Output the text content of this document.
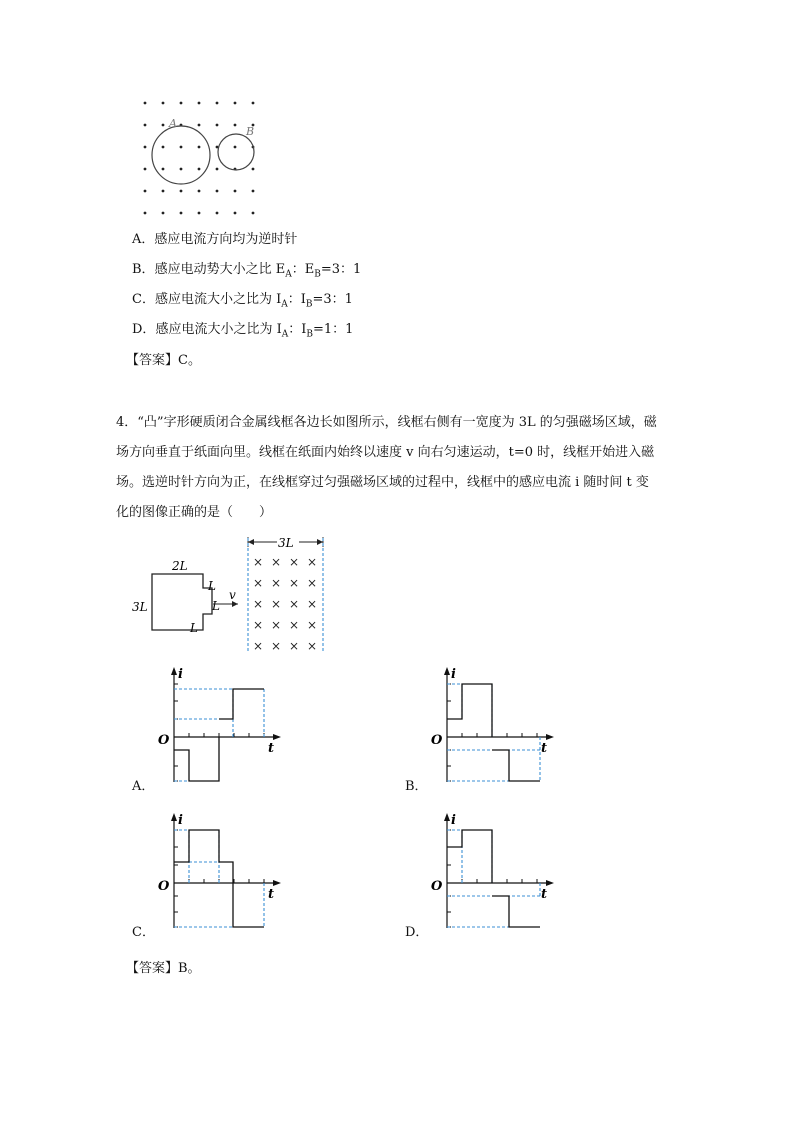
A
B
A．感应电流方向均为逆时针
B．感应电动势大小之比 $E_A$：$E_B=3$：1
C．感应电流大小之比为 $I_A$：$I_B=3$：1
D．感应电流大小之比为 $I_A$：$I_B=1$：1
【答案】C。
4．“凸”字形硬质闭合金属线框各边长如图所示，线框右侧有一宽度为 3L 的匀强磁场区域，磁
场方向垂直于纸面向里。线框在纸面内始终以速度 v 向右匀速运动，t=0 时，线框开始进入磁
场。选逆时针方向为正，在线框穿过匀强磁场区域的过程中，线框中的感应电流 i 随时间 t 变
化的图像正确的是（　　）
2L
3L
L
L
L
v
3L
× × × ×
× × × ×
× × × ×
× × × ×
× × × ×
i
t
O
A．
i
t
O
B．
i
t
O
C．
i
t
O
D．
【答案】B。
